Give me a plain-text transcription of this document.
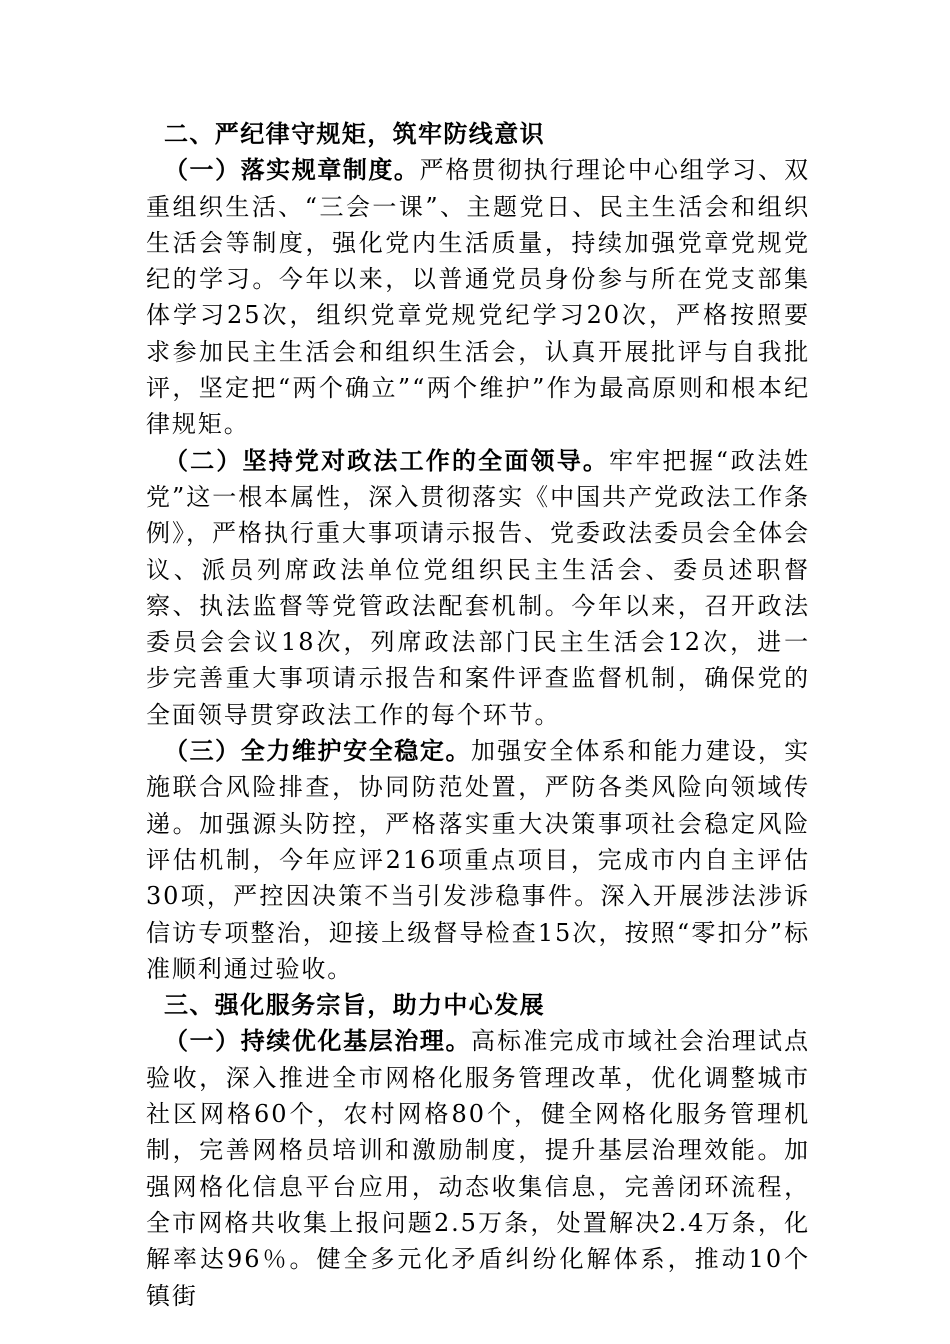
二、严纪律守规矩，筑牢防线意识

（一）落实规章制度。严格贯彻执行理论中心组学习、双重组织生活、“三会一课”、主题党日、民主生活会和组织生活会等制度，强化党内生活质量，持续加强党章党规党纪的学习。今年以来，以普通党员身份参与所在党支部集体学习25次，组织党章党规党纪学习20次，严格按照要求参加民主生活会和组织生活会，认真开展批评与自我批评，坚定把“两个确立”“两个维护”作为最高原则和根本纪律规矩。

（二）坚持党对政法工作的全面领导。牢牢把握“政法姓党”这一根本属性，深入贯彻落实《中国共产党政法工作条例》，严格执行重大事项请示报告、党委政法委员会全体会议、派员列席政法单位党组织民主生活会、委员述职督察、执法监督等党管政法配套机制。今年以来，召开政法委员会会议18次，列席政法部门民主生活会12次，进一步完善重大事项请示报告和案件评查监督机制，确保党的全面领导贯穿政法工作的每个环节。

（三）全力维护安全稳定。加强安全体系和能力建设，实施联合风险排查，协同防范处置，严防各类风险向领域传递。加强源头防控，严格落实重大决策事项社会稳定风险评估机制，今年应评216项重点项目，完成市内自主评估30项，严控因决策不当引发涉稳事件。深入开展涉法涉诉信访专项整治，迎接上级督导检查15次，按照“零扣分”标准顺利通过验收。

三、强化服务宗旨，助力中心发展

（一）持续优化基层治理。高标准完成市域社会治理试点验收，深入推进全市网格化服务管理改革，优化调整城市社区网格60个，农村网格80个，健全网格化服务管理机制，完善网格员培训和激励制度，提升基层治理效能。加强网格化信息平台应用，动态收集信息，完善闭环流程，全市网格共收集上报问题2.5万条，处置解决2.4万条，化解率达96％。健全多元化矛盾纠纷化解体系，推动10个镇街
